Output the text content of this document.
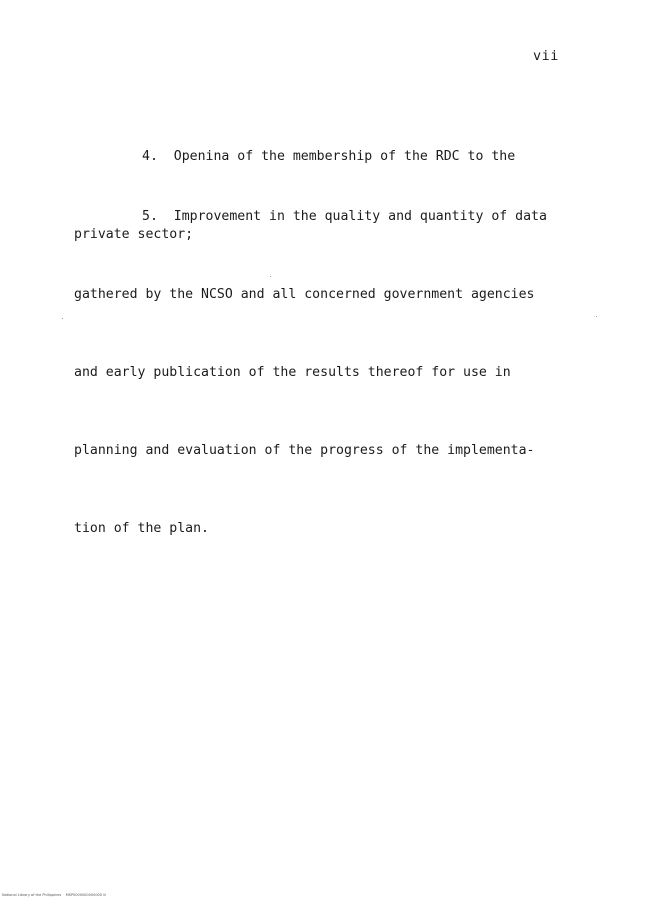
vii

4.  Openina of the membership of the RDC to the

private sector;

5.  Improvement in the quality and quantity of data

gathered by the NCSO and all concerned government agencies

and early publication of the results thereof for use in

planning and evaluation of the progress of the implementa-

tion of the plan.

National Library of the Philippines    MSP0000000000000 iii
